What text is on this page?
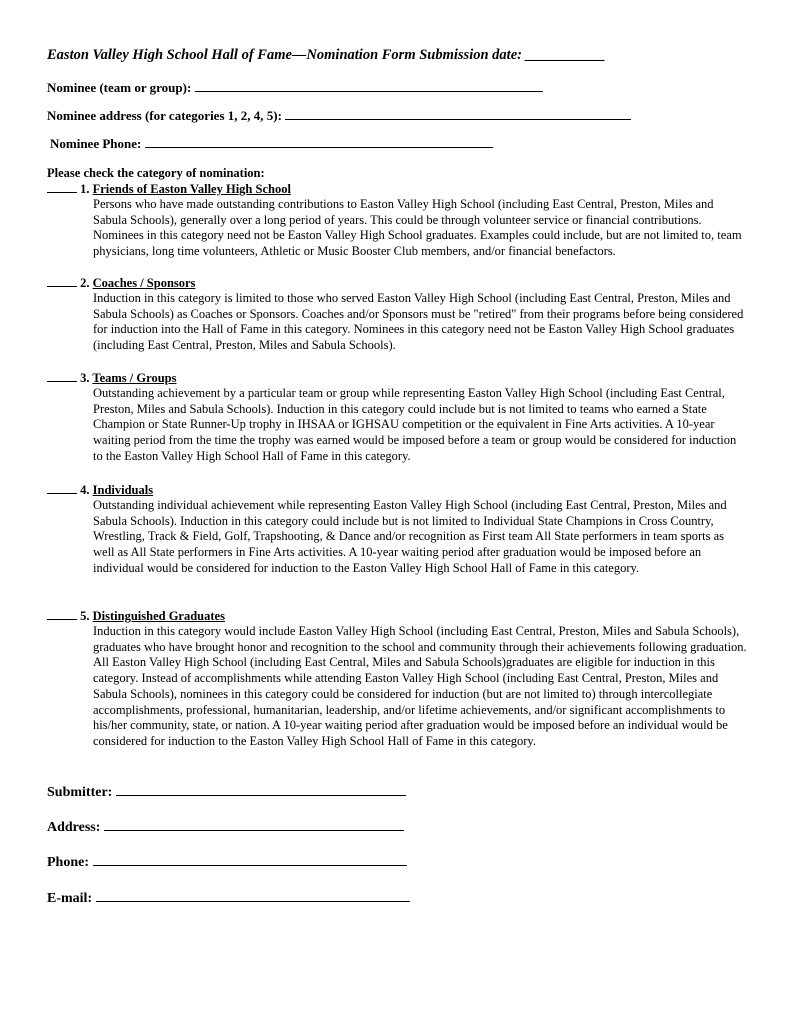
Easton Valley High School Hall of Fame—Nomination Form Submission date: ___________
Nominee (team or group):
Nominee address (for categories 1, 2, 4, 5):
Nominee Phone:
Please check the category of nomination:
1. Friends of Easton Valley High School
Persons who have made outstanding contributions to Easton Valley High School (including East Central, Preston, Miles and Sabula Schools), generally over a long period of years. This could be through volunteer service or financial contributions. Nominees in this category need not be Easton Valley High School graduates. Examples could include, but are not limited to, team physicians, long time volunteers, Athletic or Music Booster Club members, and/or financial benefactors.
2. Coaches / Sponsors
Induction in this category is limited to those who served Easton Valley High School (including East Central, Preston, Miles and Sabula Schools) as Coaches or Sponsors. Coaches and/or Sponsors must be "retired" from their programs before being considered for induction into the Hall of Fame in this category. Nominees in this category need not be Easton Valley High School graduates (including East Central, Preston, Miles and Sabula Schools).
3. Teams / Groups
Outstanding achievement by a particular team or group while representing Easton Valley High School (including East Central, Preston, Miles and Sabula Schools). Induction in this category could include but is not limited to teams who earned a State Champion or State Runner-Up trophy in IHSAA or IGHSAU competition or the equivalent in Fine Arts activities. A 10-year waiting period from the time the trophy was earned would be imposed before a team or group would be considered for induction to the Easton Valley High School Hall of Fame in this category.
4. Individuals
Outstanding individual achievement while representing Easton Valley High School (including East Central, Preston, Miles and Sabula Schools). Induction in this category could include but is not limited to Individual State Champions in Cross Country, Wrestling, Track & Field, Golf, Trapshooting, & Dance and/or recognition as First team All State performers in team sports as well as All State performers in Fine Arts activities. A 10-year waiting period after graduation would be imposed before an individual would be considered for induction to the Easton Valley High School Hall of Fame in this category.
5. Distinguished Graduates
Induction in this category would include Easton Valley High School (including East Central, Preston, Miles and Sabula Schools), graduates who have brought honor and recognition to the school and community through their achievements following graduation. All Easton Valley High School (including East Central, Miles and Sabula Schools)graduates are eligible for induction in this category. Instead of accomplishments while attending Easton Valley High School (including East Central, Preston, Miles and Sabula Schools), nominees in this category could be considered for induction (but are not limited to) through intercollegiate accomplishments, professional, humanitarian, leadership, and/or lifetime achievements, and/or significant accomplishments to his/her community, state, or nation. A 10-year waiting period after graduation would be imposed before an individual would be considered for induction to the Easton Valley High School Hall of Fame in this category.
Submitter:
Address:
Phone:
E-mail:
